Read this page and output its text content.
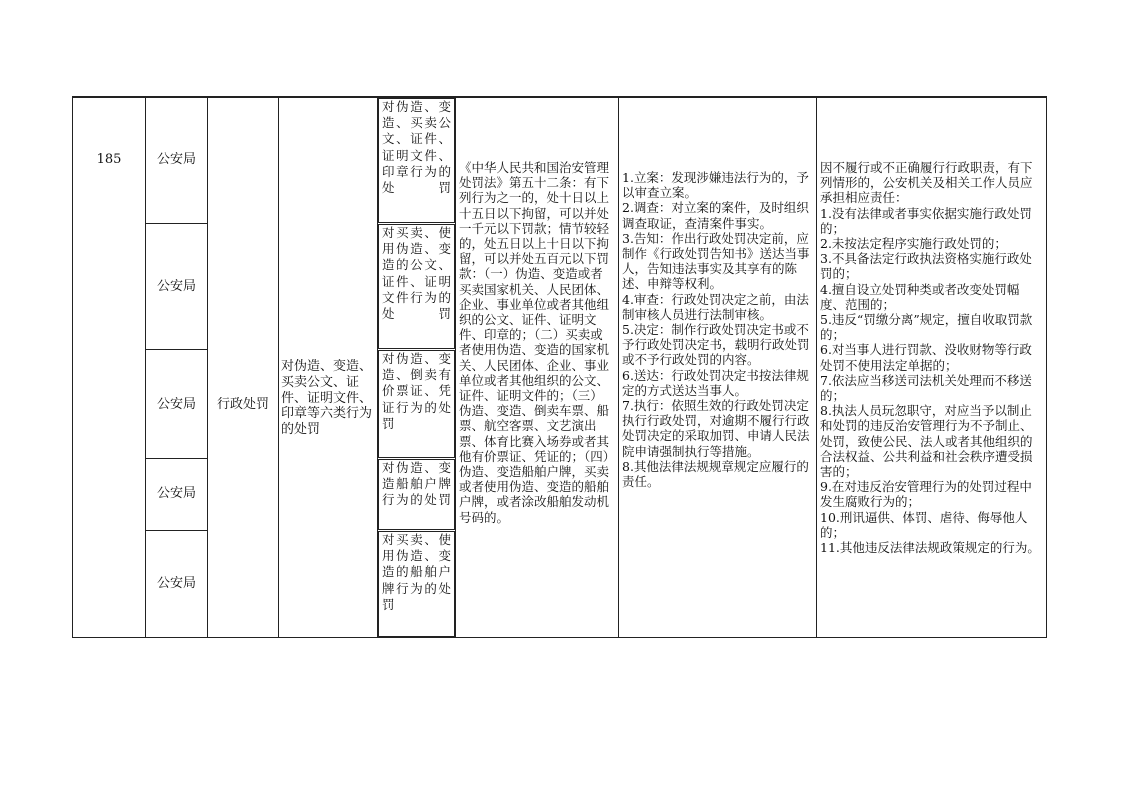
185	公安局
公安局
公安局
公安局
公安局
行政处罚
对伪造、变造、买卖公文、证件、证明文件、印章等六类行为的处罚
对伪造、变造、买卖公文、证件、证明文件、印章行为的处罚
对买卖、使用伪造、变造的公文、证件、证明文件行为的处罚
对伪造、变造、倒卖有价票证、凭证行为的处罚
对伪造、变造船舶户牌行为的处罚
对买卖、使用伪造、变造的船舶户牌行为的处罚
《中华人民共和国治安管理处罚法》第五十二条：有下列行为之一的，处十日以上十五日以下拘留，可以并处一千元以下罚款；情节较轻的，处五日以上十日以下拘留，可以并处五百元以下罚款：（一）伪造、变造或者买卖国家机关、人民团体、企业、事业单位或者其他组织的公文、证件、证明文件、印章的；（二）买卖或者使用伪造、变造的国家机关、人民团体、企业、事业单位或者其他组织的公文、证件、证明文件的；（三）伪造、变造、倒卖车票、船票、航空客票、文艺演出票、体育比赛入场券或者其他有价票证、凭证的；（四）伪造、变造船舶户牌，买卖或者使用伪造、变造的船舶户牌，或者涂改船舶发动机号码的。
1.立案：发现涉嫌违法行为的，予以审查立案。
2.调查：对立案的案件，及时组织调查取证，查清案件事实。
3.告知：作出行政处罚决定前，应制作《行政处罚告知书》送达当事人，告知违法事实及其享有的陈述、申辩等权利。
4.审查：行政处罚决定之前，由法制审核人员进行法制审核。
5.决定：制作行政处罚决定书或不予行政处罚决定书，载明行政处罚或不予行政处罚的内容。
6.送达：行政处罚决定书按法律规定的方式送达当事人。
7.执行：依照生效的行政处罚决定执行行政处罚，对逾期不履行行政处罚决定的采取加罚、申请人民法院申请强制执行等措施。
8.其他法律法规规章规定应履行的责任。
因不履行或不正确履行行政职责，有下列情形的，公安机关及相关工作人员应承担相应责任：
1.没有法律或者事实依据实施行政处罚的；
2.未按法定程序实施行政处罚的；
3.不具备法定行政执法资格实施行政处罚的；
4.擅自设立处罚种类或者改变处罚幅度、范围的；
5.违反“罚缴分离”规定，擅自收取罚款的；
6.对当事人进行罚款、没收财物等行政处罚不使用法定单据的；
7.依法应当移送司法机关处理而不移送的；
8.执法人员玩忽职守，对应当予以制止和处罚的违反治安管理行为不予制止、处罚，致使公民、法人或者其他组织的合法权益、公共利益和社会秩序遭受损害的；
9.在对违反治安管理行为的处罚过程中发生腐败行为的；
10.刑讯逼供、体罚、虐待、侮辱他人的；
11.其他违反法律法规政策规定的行为。
